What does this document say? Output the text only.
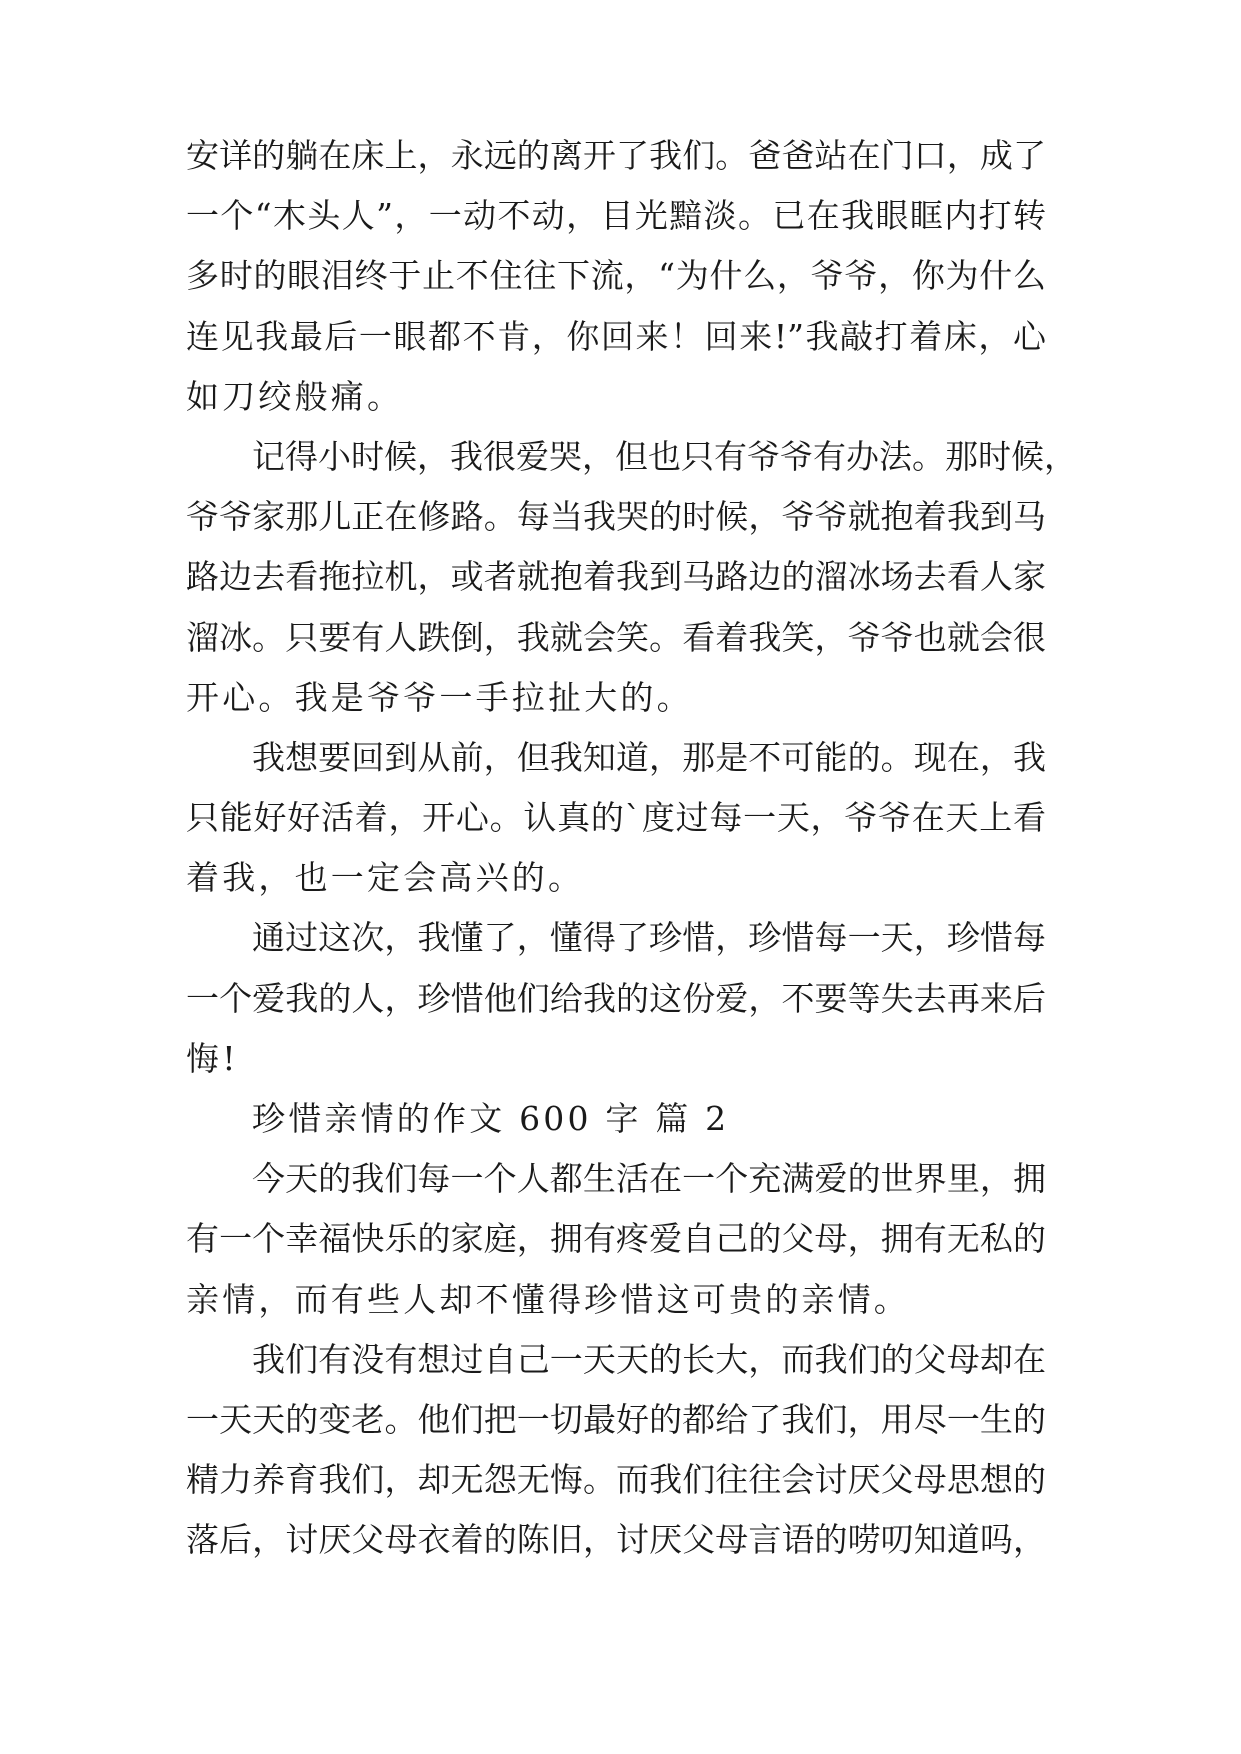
安详的躺在床上，永远的离开了我们。爸爸站在门口，成了
一个“木头人”，一动不动，目光黯淡。已在我眼眶内打转
多时的眼泪终于止不住往下流，“为什么，爷爷，你为什么
连见我最后一眼都不肯，你回来！回来!”我敲打着床，心
如刀绞般痛。
记得小时候，我很爱哭，但也只有爷爷有办法。那时候，
爷爷家那儿正在修路。每当我哭的时候，爷爷就抱着我到马
路边去看拖拉机，或者就抱着我到马路边的溜冰场去看人家
溜冰。只要有人跌倒，我就会笑。看着我笑，爷爷也就会很
开心。我是爷爷一手拉扯大的。
我想要回到从前，但我知道，那是不可能的。现在，我
只能好好活着，开心。认真的`度过每一天，爷爷在天上看
着我，也一定会高兴的。
通过这次，我懂了，懂得了珍惜，珍惜每一天，珍惜每
一个爱我的人，珍惜他们给我的这份爱，不要等失去再来后
悔!
珍惜亲情的作文 600 字 篇 2
今天的我们每一个人都生活在一个充满爱的世界里，拥
有一个幸福快乐的家庭，拥有疼爱自己的父母，拥有无私的
亲情，而有些人却不懂得珍惜这可贵的亲情。
我们有没有想过自己一天天的长大，而我们的父母却在
一天天的变老。他们把一切最好的都给了我们，用尽一生的
精力养育我们，却无怨无悔。而我们往往会讨厌父母思想的
落后，讨厌父母衣着的陈旧，讨厌父母言语的唠叨知道吗，
